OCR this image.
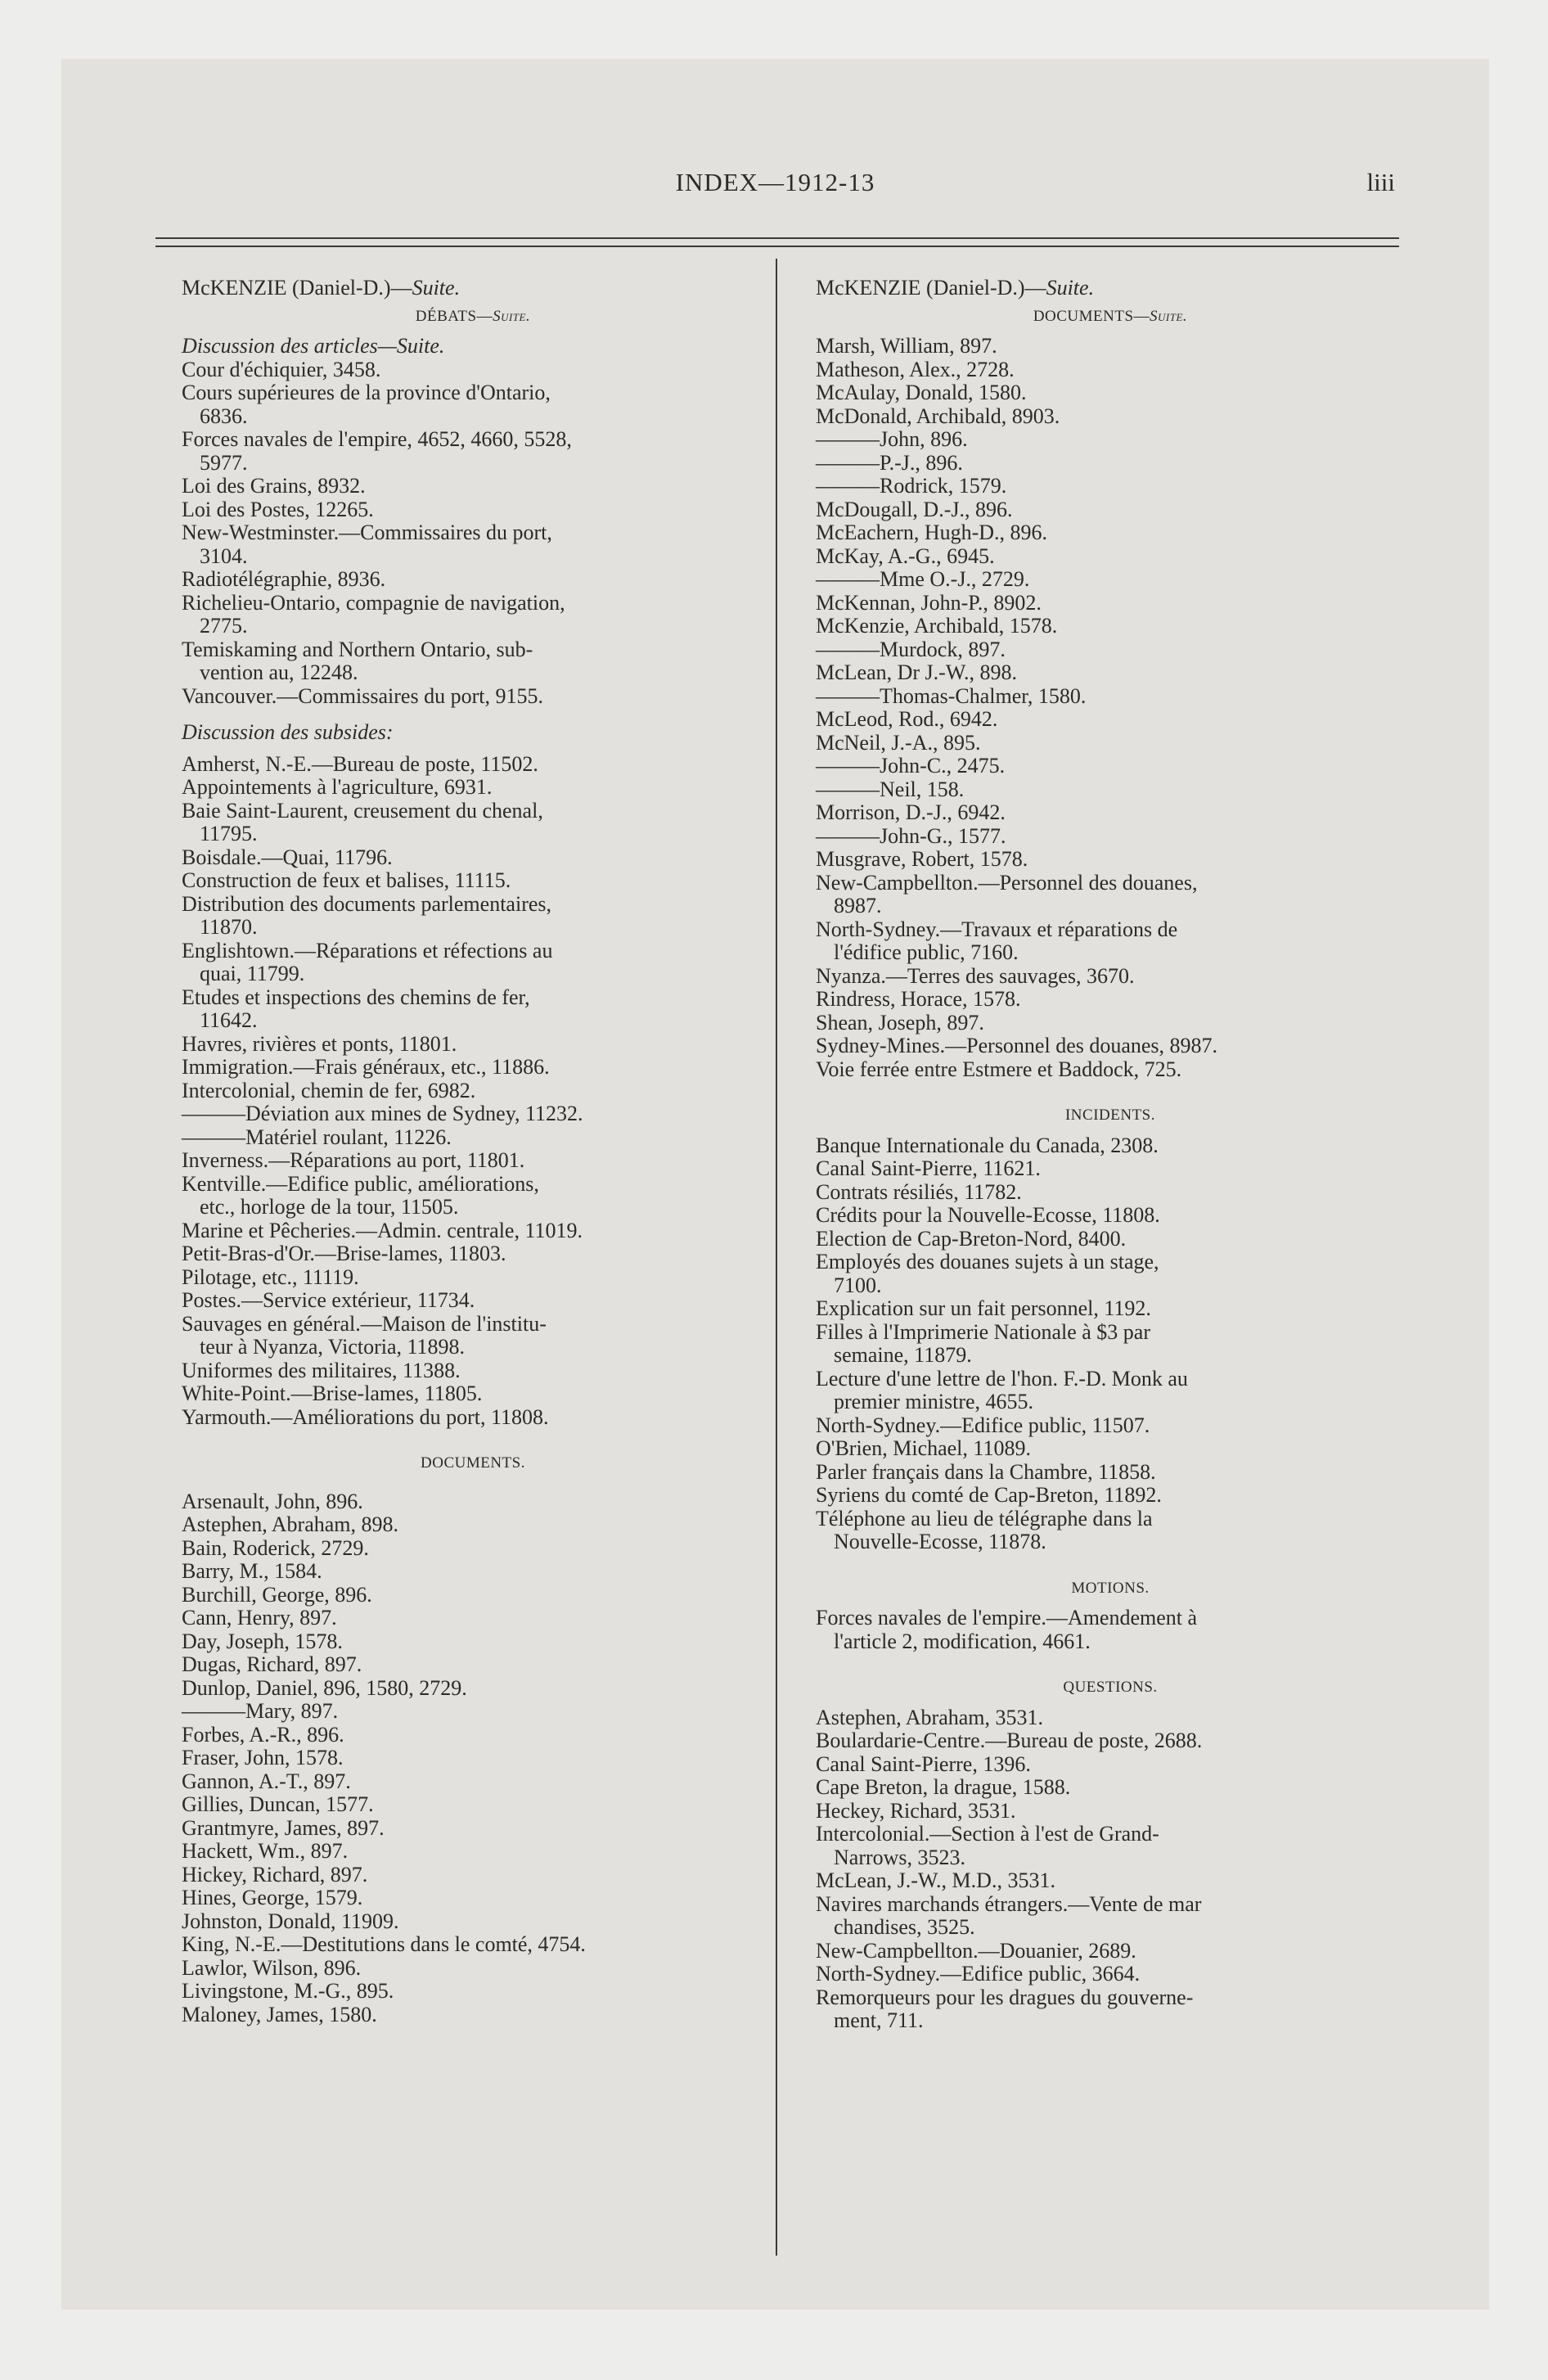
INDEX—1912-13	liii
McKENZIE (Daniel-D.)—Suite.
DÉBATS—Suite.
Discussion des articles—Suite.
Cour d'échiquier, 3458.
Cours supérieures de la province d'Ontario,
6836.
Forces navales de l'empire, 4652, 4660, 5528,
5977.
Loi des Grains, 8932.
Loi des Postes, 12265.
New-Westminster.—Commissaires du port,
3104.
Radiotélégraphie, 8936.
Richelieu-Ontario, compagnie de navigation,
2775.
Temiskaming and Northern Ontario, sub-
vention au, 12248.
Vancouver.—Commissaires du port, 9155.
Discussion des subsides:
Amherst, N.-E.—Bureau de poste, 11502.
Appointements à l'agriculture, 6931.
Baie Saint-Laurent, creusement du chenal,
11795.
Boisdale.—Quai, 11796.
Construction de feux et balises, 11115.
Distribution des documents parlementaires,
11870.
Englishtown.—Réparations et réfections au
quai, 11799.
Etudes et inspections des chemins de fer,
11642.
Havres, rivières et ponts, 11801.
Immigration.—Frais généraux, etc., 11886.
Intercolonial, chemin de fer, 6982.
———Déviation aux mines de Sydney, 11232.
———Matériel roulant, 11226.
Inverness.—Réparations au port, 11801.
Kentville.—Edifice public, améliorations,
etc., horloge de la tour, 11505.
Marine et Pêcheries.—Admin. centrale, 11019.
Petit-Bras-d'Or.—Brise-lames, 11803.
Pilotage, etc., 11119.
Postes.—Service extérieur, 11734.
Sauvages en général.—Maison de l'institu-
teur à Nyanza, Victoria, 11898.
Uniformes des militaires, 11388.
White-Point.—Brise-lames, 11805.
Yarmouth.—Améliorations du port, 11808.
DOCUMENTS.
Arsenault, John, 896.
Astephen, Abraham, 898.
Bain, Roderick, 2729.
Barry, M., 1584.
Burchill, George, 896.
Cann, Henry, 897.
Day, Joseph, 1578.
Dugas, Richard, 897.
Dunlop, Daniel, 896, 1580, 2729.
———Mary, 897.
Forbes, A.-R., 896.
Fraser, John, 1578.
Gannon, A.-T., 897.
Gillies, Duncan, 1577.
Grantmyre, James, 897.
Hackett, Wm., 897.
Hickey, Richard, 897.
Hines, George, 1579.
Johnston, Donald, 11909.
King, N.-E.—Destitutions dans le comté, 4754.
Lawlor, Wilson, 896.
Livingstone, M.-G., 895.
Maloney, James, 1580.
McKENZIE (Daniel-D.)—Suite.
DOCUMENTS—Suite.
Marsh, William, 897.
Matheson, Alex., 2728.
McAulay, Donald, 1580.
McDonald, Archibald, 8903.
———John, 896.
———P.-J., 896.
———Rodrick, 1579.
McDougall, D.-J., 896.
McEachern, Hugh-D., 896.
McKay, A.-G., 6945.
———Mme O.-J., 2729.
McKennan, John-P., 8902.
McKenzie, Archibald, 1578.
———Murdock, 897.
McLean, Dr J.-W., 898.
———Thomas-Chalmer, 1580.
McLeod, Rod., 6942.
McNeil, J.-A., 895.
———John-C., 2475.
———Neil, 158.
Morrison, D.-J., 6942.
———John-G., 1577.
Musgrave, Robert, 1578.
New-Campbellton.—Personnel des douanes,
8987.
North-Sydney.—Travaux et réparations de
l'édifice public, 7160.
Nyanza.—Terres des sauvages, 3670.
Rindress, Horace, 1578.
Shean, Joseph, 897.
Sydney-Mines.—Personnel des douanes, 8987.
Voie ferrée entre Estmere et Baddock, 725.
INCIDENTS.
Banque Internationale du Canada, 2308.
Canal Saint-Pierre, 11621.
Contrats résiliés, 11782.
Crédits pour la Nouvelle-Ecosse, 11808.
Election de Cap-Breton-Nord, 8400.
Employés des douanes sujets à un stage,
7100.
Explication sur un fait personnel, 1192.
Filles à l'Imprimerie Nationale à $3 par
semaine, 11879.
Lecture d'une lettre de l'hon. F.-D. Monk au
premier ministre, 4655.
North-Sydney.—Edifice public, 11507.
O'Brien, Michael, 11089.
Parler français dans la Chambre, 11858.
Syriens du comté de Cap-Breton, 11892.
Téléphone au lieu de télégraphe dans la
Nouvelle-Ecosse, 11878.
MOTIONS.
Forces navales de l'empire.—Amendement à
l'article 2, modification, 4661.
QUESTIONS.
Astephen, Abraham, 3531.
Boulardarie-Centre.—Bureau de poste, 2688.
Canal Saint-Pierre, 1396.
Cape Breton, la drague, 1588.
Heckey, Richard, 3531.
Intercolonial.—Section à l'est de Grand-
Narrows, 3523.
McLean, J.-W., M.D., 3531.
Navires marchands étrangers.—Vente de mar
chandises, 3525.
New-Campbellton.—Douanier, 2689.
North-Sydney.—Edifice public, 3664.
Remorqueurs pour les dragues du gouverne-
ment, 711.
